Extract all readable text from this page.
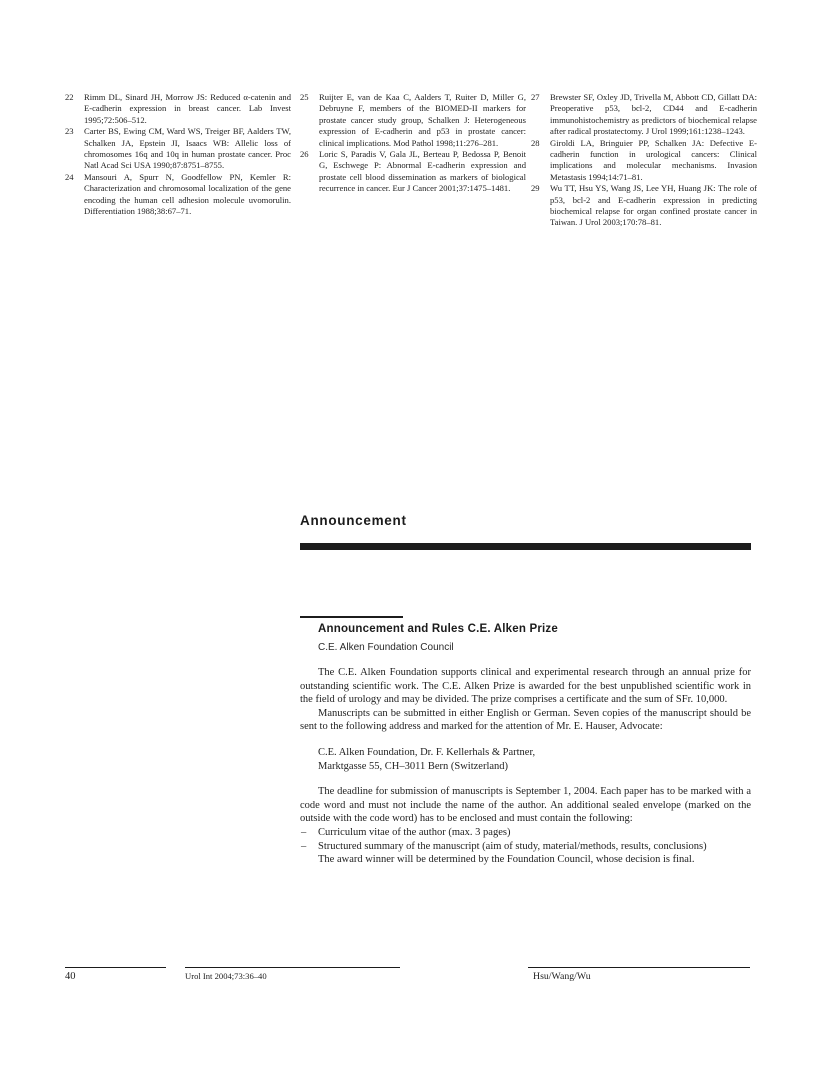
22	Rimm DL, Sinard JH, Morrow JS: Reduced α-catenin and E-cadherin expression in breast cancer. Lab Invest 1995;72:506–512.
23	Carter BS, Ewing CM, Ward WS, Treiger BF, Aalders TW, Schalken JA, Epstein JI, Isaacs WB: Allelic loss of chromosomes 16q and 10q in human prostate cancer. Proc Natl Acad Sci USA 1990;87:8751–8755.
24	Mansouri A, Spurr N, Goodfellow PN, Kemler R: Characterization and chromosomal localization of the gene encoding the human cell adhesion molecule uvomorulin. Differentiation 1988;38:67–71.
25	Ruijter E, van de Kaa C, Aalders T, Ruiter D, Miller G, Debruyne F, members of the BIOMED-II markers for prostate cancer study group, Schalken J: Heterogeneous expression of E-cadherin and p53 in prostate cancer: clinical implications. Mod Pathol 1998;11:276–281.
26	Loric S, Paradis V, Gala JL, Berteau P, Bedossa P, Benoit G, Eschwege P: Abnormal E-cadherin expression and prostate cell blood dissemination as markers of biological recurrence in cancer. Eur J Cancer 2001;37:1475–1481.
27	Brewster SF, Oxley JD, Trivella M, Abbott CD, Gillatt DA: Preoperative p53, bcl-2, CD44 and E-cadherin immunohistochemistry as predictors of biochemical relapse after radical prostatectomy. J Urol 1999;161:1238–1243.
28	Giroldi LA, Bringuier PP, Schalken JA: Defective E-cadherin function in urological cancers: Clinical implications and molecular mechanisms. Invasion Metastasis 1994;14:71–81.
29	Wu TT, Hsu YS, Wang JS, Lee YH, Huang JK: The role of p53, bcl-2 and E-cadherin expression in predicting biochemical relapse for organ confined prostate cancer in Taiwan. J Urol 2003;170:78–81.
Announcement
Announcement and Rules C.E. Alken Prize
C.E. Alken Foundation Council

The C.E. Alken Foundation supports clinical and experimental research through an annual prize for outstanding scientific work. The C.E. Alken Prize is awarded for the best unpublished scientific work in the field of urology and may be divided. The prize comprises a certificate and the sum of SFr. 10,000.

Manuscripts can be submitted in either English or German. Seven copies of the manuscript should be sent to the following address and marked for the attention of Mr. E. Hauser, Advocate:

C.E. Alken Foundation, Dr. F. Kellerhals & Partner,
Marktgasse 55, CH–3011 Bern (Switzerland)

The deadline for submission of manuscripts is September 1, 2004. Each paper has to be marked with a code word and must not include the name of the author. An additional sealed envelope (marked on the outside with the code word) has to be enclosed and must contain the following:

– Curriculum vitae of the author (max. 3 pages)
– Structured summary of the manuscript (aim of study, material/methods, results, conclusions)

The award winner will be determined by the Foundation Council, whose decision is final.

40	Urol Int 2004;73:36–40	Hsu/Wang/Wu
